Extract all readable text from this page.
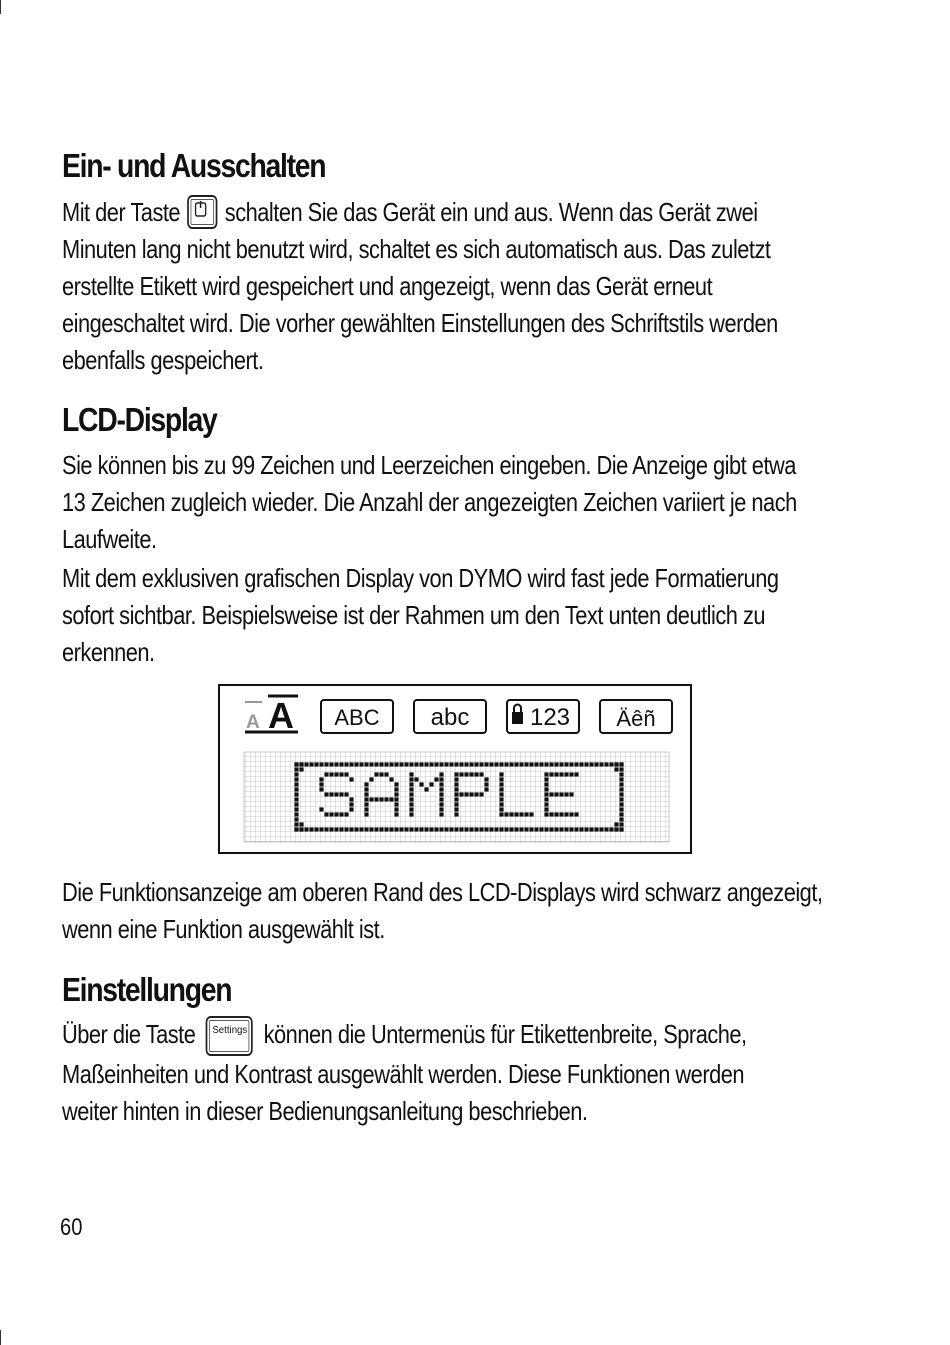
Ein- und Ausschalten

Mit der Taste schalten Sie das Gerät ein und aus. Wenn das Gerät zwei

Minuten lang nicht benutzt wird, schaltet es sich automatisch aus. Das zuletzt

erstellte Etikett wird gespeichert und angezeigt, wenn das Gerät erneut

eingeschaltet wird. Die vorher gewählten Einstellungen des Schriftstils werden

ebenfalls gespeichert.

LCD-Display

Sie können bis zu 99 Zeichen und Leerzeichen eingeben. Die Anzeige gibt etwa

13 Zeichen zugleich wieder. Die Anzahl der angezeigten Zeichen variiert je nach

Laufweite.

Mit dem exklusiven grafischen Display von DYMO wird fast jede Formatierung

sofort sichtbar. Beispielsweise ist der Rahmen um den Text unten deutlich zu

erkennen.

Die Funktionsanzeige am oberen Rand des LCD-Displays wird schwarz angezeigt,

wenn eine Funktion ausgewählt ist.

Einstellungen

Über die Taste Settings können die Untermenüs für Etikettenbreite, Sprache,

Maßeinheiten und Kontrast ausgewählt werden. Diese Funktionen werden

weiter hinten in dieser Bedienungsanleitung beschrieben.

A A ABC abc	123 Äêñ
60
